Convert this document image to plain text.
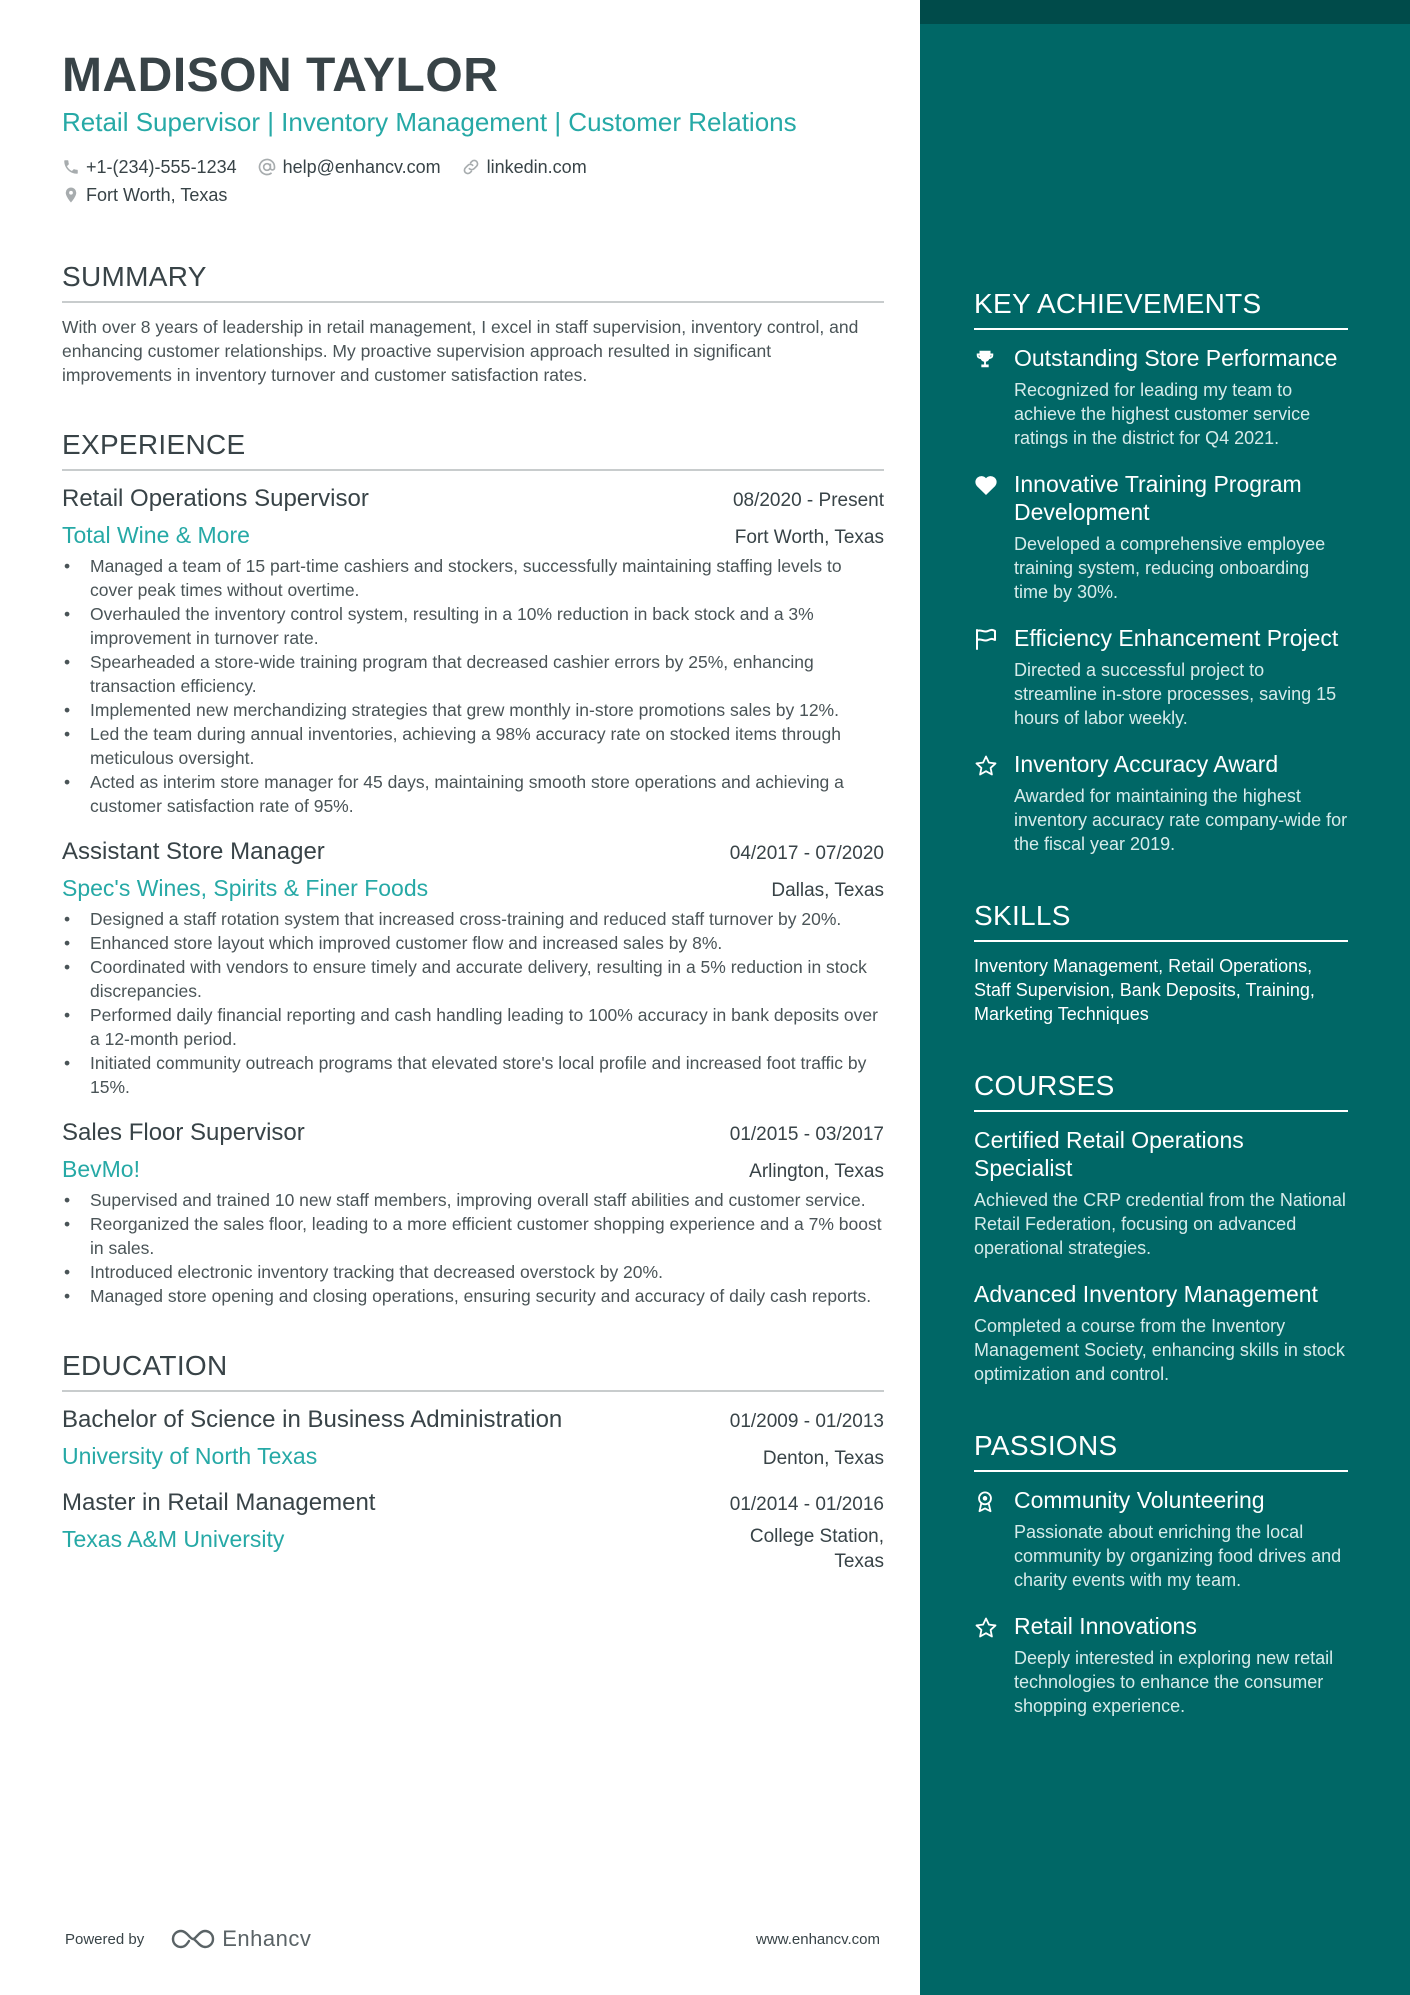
MADISON TAYLOR
Retail Supervisor | Inventory Management | Customer Relations
+1-(234)-555-1234	help@enhancv.com	linkedin.com
Fort Worth, Texas
SUMMARY
With over 8 years of leadership in retail management, I excel in staff supervision, inventory control, and enhancing customer relationships. My proactive supervision approach resulted in significant improvements in inventory turnover and customer satisfaction rates.
EXPERIENCE
Retail Operations Supervisor	08/2020 - Present
Total Wine & More	Fort Worth, Texas
• Managed a team of 15 part-time cashiers and stockers, successfully maintaining staffing levels to cover peak times without overtime.
• Overhauled the inventory control system, resulting in a 10% reduction in back stock and a 3% improvement in turnover rate.
• Spearheaded a store-wide training program that decreased cashier errors by 25%, enhancing transaction efficiency.
• Implemented new merchandizing strategies that grew monthly in-store promotions sales by 12%.
• Led the team during annual inventories, achieving a 98% accuracy rate on stocked items through meticulous oversight.
• Acted as interim store manager for 45 days, maintaining smooth store operations and achieving a customer satisfaction rate of 95%.
Assistant Store Manager	04/2017 - 07/2020
Spec's Wines, Spirits & Finer Foods	Dallas, Texas
• Designed a staff rotation system that increased cross-training and reduced staff turnover by 20%.
• Enhanced store layout which improved customer flow and increased sales by 8%.
• Coordinated with vendors to ensure timely and accurate delivery, resulting in a 5% reduction in stock discrepancies.
• Performed daily financial reporting and cash handling leading to 100% accuracy in bank deposits over a 12-month period.
• Initiated community outreach programs that elevated store's local profile and increased foot traffic by 15%.
Sales Floor Supervisor	01/2015 - 03/2017
BevMo!	Arlington, Texas
• Supervised and trained 10 new staff members, improving overall staff abilities and customer service.
• Reorganized the sales floor, leading to a more efficient customer shopping experience and a 7% boost in sales.
• Introduced electronic inventory tracking that decreased overstock by 20%.
• Managed store opening and closing operations, ensuring security and accuracy of daily cash reports.
EDUCATION
Bachelor of Science in Business Administration	01/2009 - 01/2013
University of North Texas	Denton, Texas
Master in Retail Management	01/2014 - 01/2016
Texas A&M University	College Station, Texas
Powered by	Enhancv	www.enhancv.com
KEY ACHIEVEMENTS
Outstanding Store Performance
Recognized for leading my team to achieve the highest customer service ratings in the district for Q4 2021.
Innovative Training Program Development
Developed a comprehensive employee training system, reducing onboarding time by 30%.
Efficiency Enhancement Project
Directed a successful project to streamline in-store processes, saving 15 hours of labor weekly.
Inventory Accuracy Award
Awarded for maintaining the highest inventory accuracy rate company-wide for the fiscal year 2019.
SKILLS
Inventory Management, Retail Operations, Staff Supervision, Bank Deposits, Training, Marketing Techniques
COURSES
Certified Retail Operations Specialist
Achieved the CRP credential from the National Retail Federation, focusing on advanced operational strategies.
Advanced Inventory Management
Completed a course from the Inventory Management Society, enhancing skills in stock optimization and control.
PASSIONS
Community Volunteering
Passionate about enriching the local community by organizing food drives and charity events with my team.
Retail Innovations
Deeply interested in exploring new retail technologies to enhance the consumer shopping experience.
